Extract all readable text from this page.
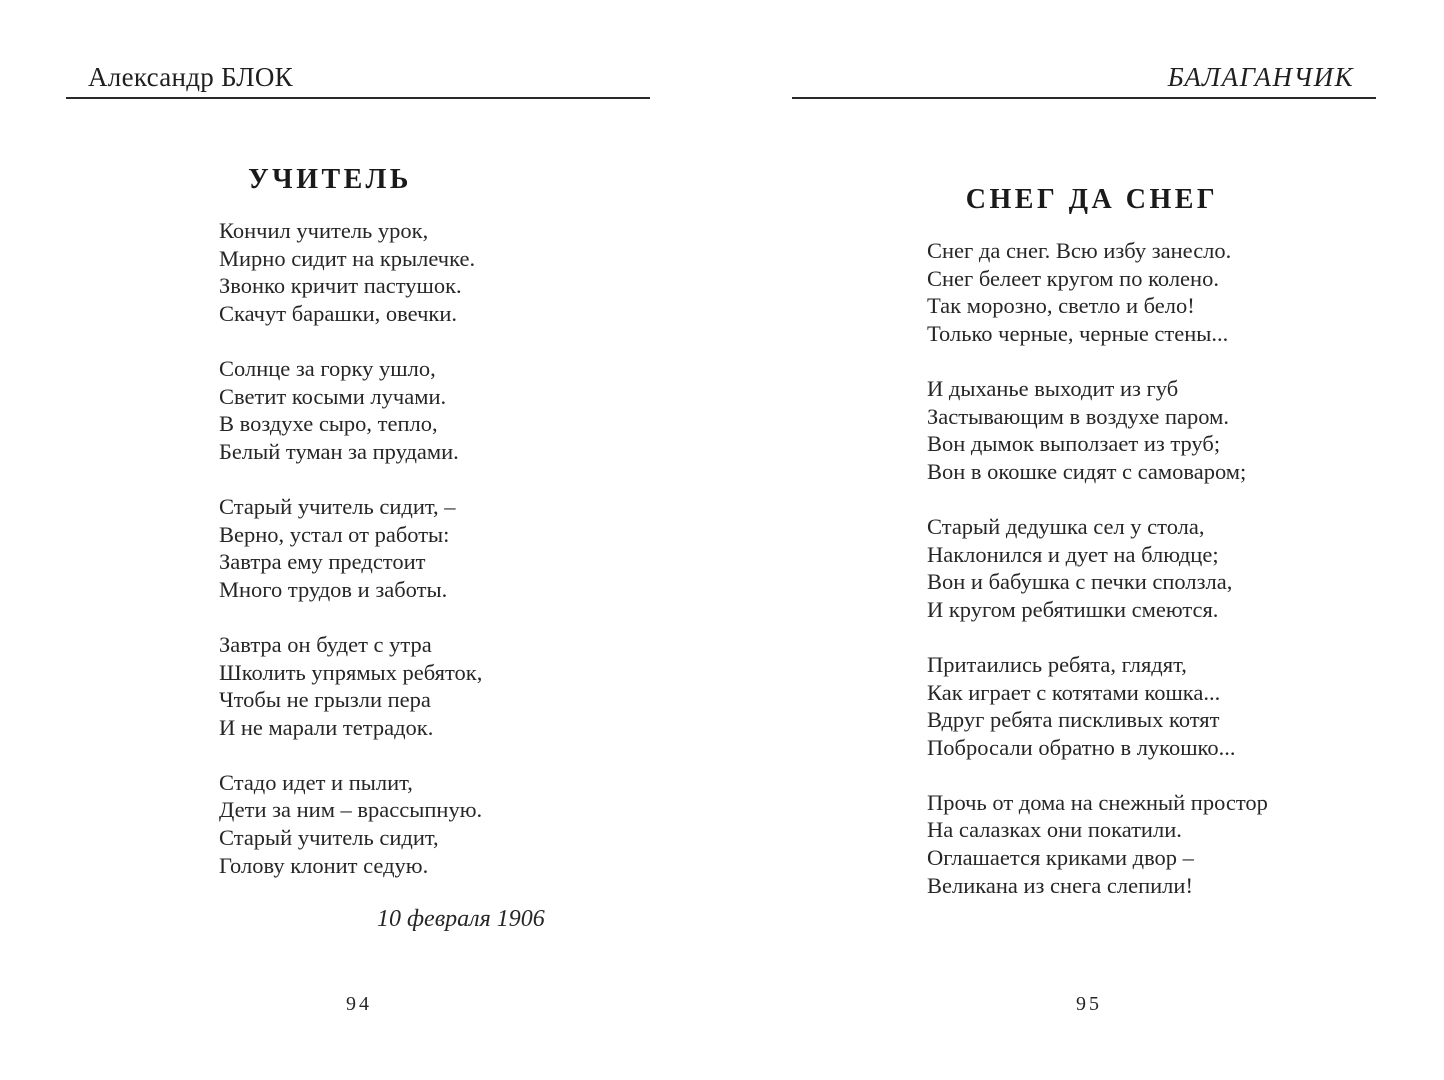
Александр БЛОК
УЧИТЕЛЬ
Кончил учитель урок,
Мирно сидит на крылечке.
Звонко кричит пастушок.
Скачут барашки, овечки.
Солнце за горку ушло,
Светит косыми лучами.
В воздухе сыро, тепло,
Белый туман за прудами.
Старый учитель сидит, –
Верно, устал от работы:
Завтра ему предстоит
Много трудов и заботы.
Завтра он будет с утра
Школить упрямых ребяток,
Чтобы не грызли пера
И не марали тетрадок.
Стадо идет и пылит,
Дети за ним – врассыпную.
Старый учитель сидит,
Голову клонит седую.
10 февраля 1906
94
БАЛАГАНЧИК
СНЕГ ДА СНЕГ
Снег да снег. Всю избу занесло.
Снег белеет кругом по колено.
Так морозно, светло и бело!
Только черные, черные стены...
И дыханье выходит из губ
Застывающим в воздухе паром.
Вон дымок выползает из труб;
Вон в окошке сидят с самоваром;
Старый дедушка сел у стола,
Наклонился и дует на блюдце;
Вон и бабушка с печки сползла,
И кругом ребятишки смеются.
Притаились ребята, глядят,
Как играет с котятами кошка...
Вдруг ребята пискливых котят
Побросали обратно в лукошко...
Прочь от дома на снежный простор
На салазках они покатили.
Оглашается криками двор –
Великана из снега слепили!
95
